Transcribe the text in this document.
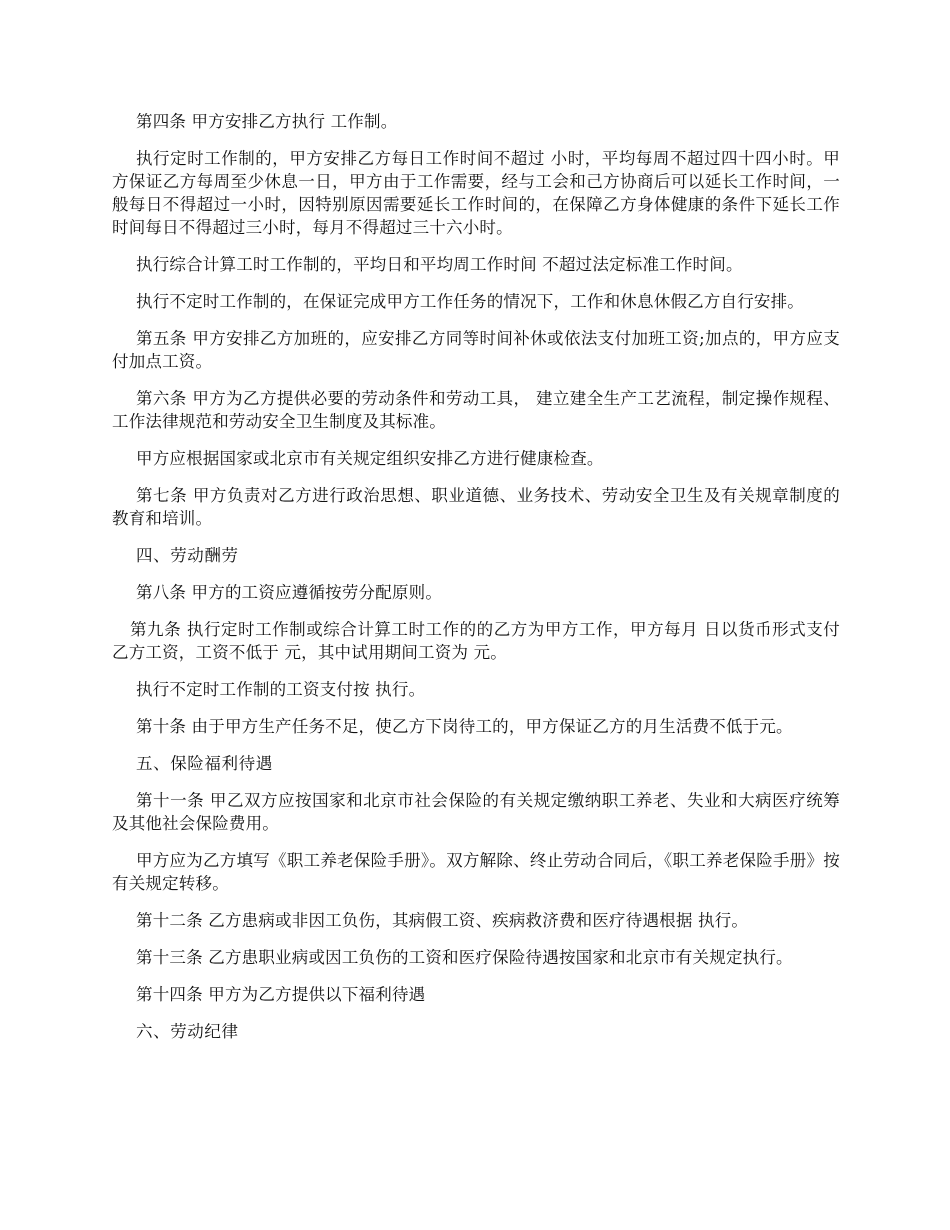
第四条 甲方安排乙方执行 工作制。

执行定时工作制的，甲方安排乙方每日工作时间不超过 小时，平均每周不超过四十四小时。甲方保证乙方每周至少休息一日，甲方由于工作需要，经与工会和己方协商后可以延长工作时间，一般每日不得超过一小时，因特别原因需要延长工作时间的，在保障乙方身体健康的条件下延长工作时间每日不得超过三小时，每月不得超过三十六小时。

执行综合计算工时工作制的，平均日和平均周工作时间 不超过法定标准工作时间。

执行不定时工作制的，在保证完成甲方工作任务的情况下，工作和休息休假乙方自行安排。

第五条 甲方安排乙方加班的，应安排乙方同等时间补休或依法支付加班工资;加点的，甲方应支付加点工资。

第六条 甲方为乙方提供必要的劳动条件和劳动工具， 建立建全生产工艺流程，制定操作规程、工作法律规范和劳动安全卫生制度及其标准。

甲方应根据国家或北京市有关规定组织安排乙方进行健康检查。

第七条 甲方负责对乙方进行政治思想、职业道德、业务技术、劳动安全卫生及有关规章制度的教育和培训。

四、劳动酬劳

第八条 甲方的工资应遵循按劳分配原则。

第九条 执行定时工作制或综合计算工时工作的的乙方为甲方工作，甲方每月 日以货币形式支付乙方工资，工资不低于 元，其中试用期间工资为 元。

执行不定时工作制的工资支付按 执行。

第十条 由于甲方生产任务不足，使乙方下岗待工的，甲方保证乙方的月生活费不低于元。

五、保险福利待遇

第十一条 甲乙双方应按国家和北京市社会保险的有关规定缴纳职工养老、失业和大病医疗统筹及其他社会保险费用。

甲方应为乙方填写《职工养老保险手册》。双方解除、终止劳动合同后，《职工养老保险手册》按有关规定转移。

第十二条 乙方患病或非因工负伤，其病假工资、疾病救济费和医疗待遇根据 执行。

第十三条 乙方患职业病或因工负伤的工资和医疗保险待遇按国家和北京市有关规定执行。

第十四条 甲方为乙方提供以下福利待遇

六、劳动纪律
